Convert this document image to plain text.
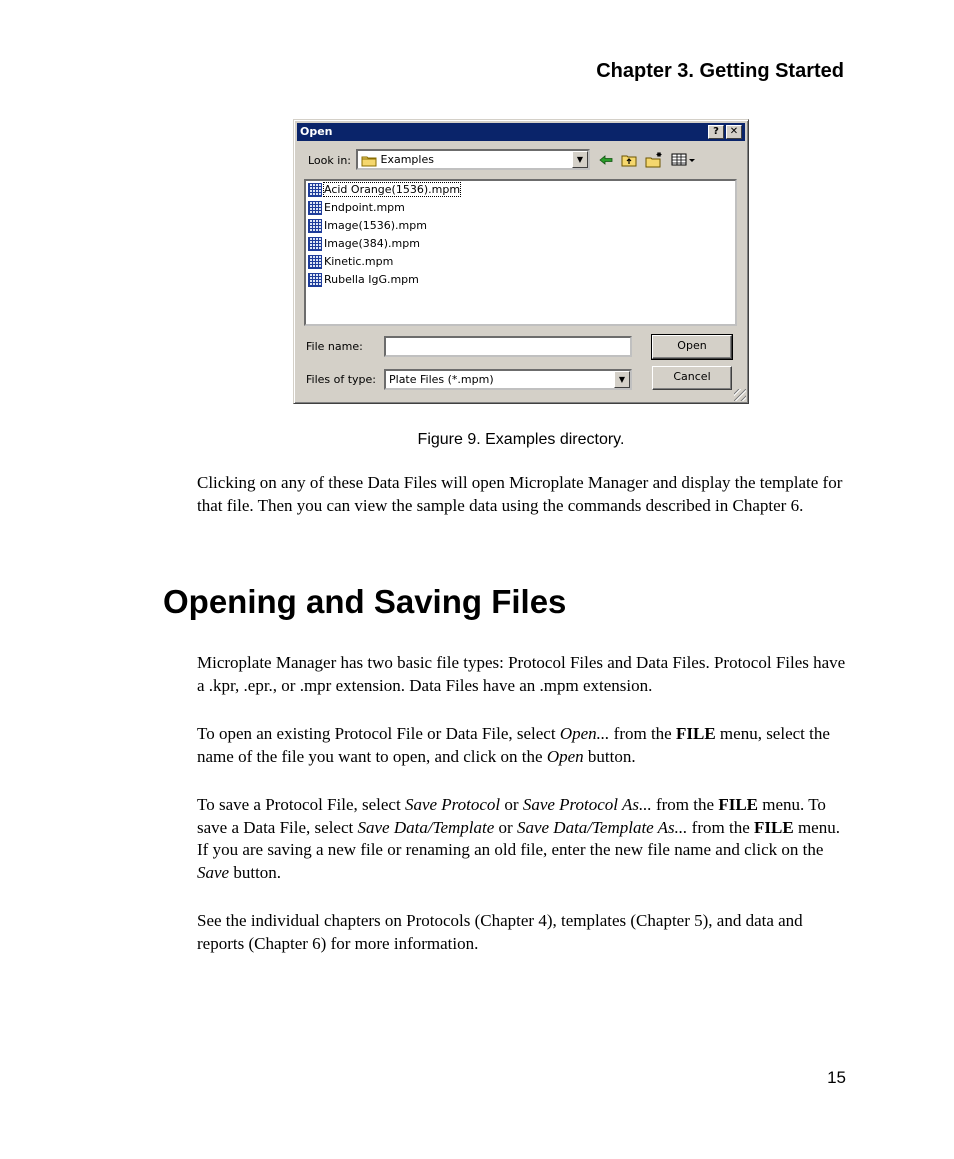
Chapter 3. Getting Started
Open	?	✕
Look in:	Examples	▼
Acid Orange(1536).mpm
Endpoint.mpm
Image(1536).mpm
Image(384).mpm
Kinetic.mpm
Rubella IgG.mpm
File name:
Files of type: Plate Files (*.mpm)	▼
Open
Cancel
Figure 9. Examples directory.

Clicking on any of these Data Files will open Microplate Manager and display the template for that file. Then you can view the sample data using the commands described in Chapter 6.

Opening and Saving Files

Microplate Manager has two basic file types: Protocol Files and Data Files. Protocol Files have a .kpr, .epr., or .mpr extension. Data Files have an .mpm extension.

To open an existing Protocol File or Data File, select Open... from the FILE menu, select the name of the file you want to open, and click on the Open button.

To save a Protocol File, select Save Protocol or Save Protocol As... from the FILE menu. To save a Data File, select Save Data/Template or Save Data/Template As... from the FILE menu. If you are saving a new file or renaming an old file, enter the new file name and click on the Save button.

See the individual chapters on Protocols (Chapter 4), templates (Chapter 5), and data and reports (Chapter 6) for more information.

15
